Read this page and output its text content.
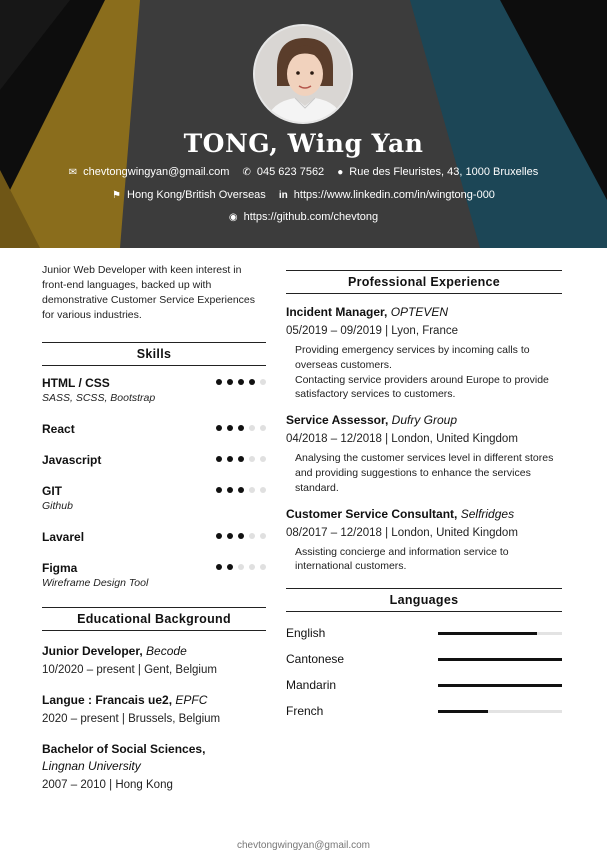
TONG, Wing Yan
✉ chevtongwingyan@gmail.com ✆ 045 623 7562 ● Rue des Fleuristes, 43, 1000 Bruxelles
⚑ Hong Kong/British Overseas in https://www.linkedin.com/in/wingtong-000
◉ https://github.com/chevtong

Junior Web Developer with keen interest in front-end languages, backed up with demonstrative Customer Service Experiences for various industries.

Skills
HTML / CSS
SASS, SCSS, Bootstrap
React
Javascript
GIT
Github
Lavarel
Figma
Wireframe Design Tool
Educational Background
Junior Developer, Becode
10/2020 – present | Gent, Belgium
Langue : Francais ue2, EPFC
2020 – present | Brussels, Belgium
Bachelor of Social Sciences,
Lingnan University
2007 – 2010 | Hong Kong
Professional Experience
Incident Manager, OPTEVEN
05/2019 – 09/2019 | Lyon, France
Providing emergency services by incoming calls to overseas customers.
Contacting service providers around Europe to provide satisfactory services to customers.
Service Assessor, Dufry Group
04/2018 – 12/2018 | London, United Kingdom
Analysing the customer services level in different stores and providing suggestions to enhance the services standard.
Customer Service Consultant, Selfridges
08/2017 – 12/2018 | London, United Kingdom
Assisting concierge and information service to international customers.
Languages
English
Cantonese
Mandarin
French
chevtongwingyan@gmail.com
